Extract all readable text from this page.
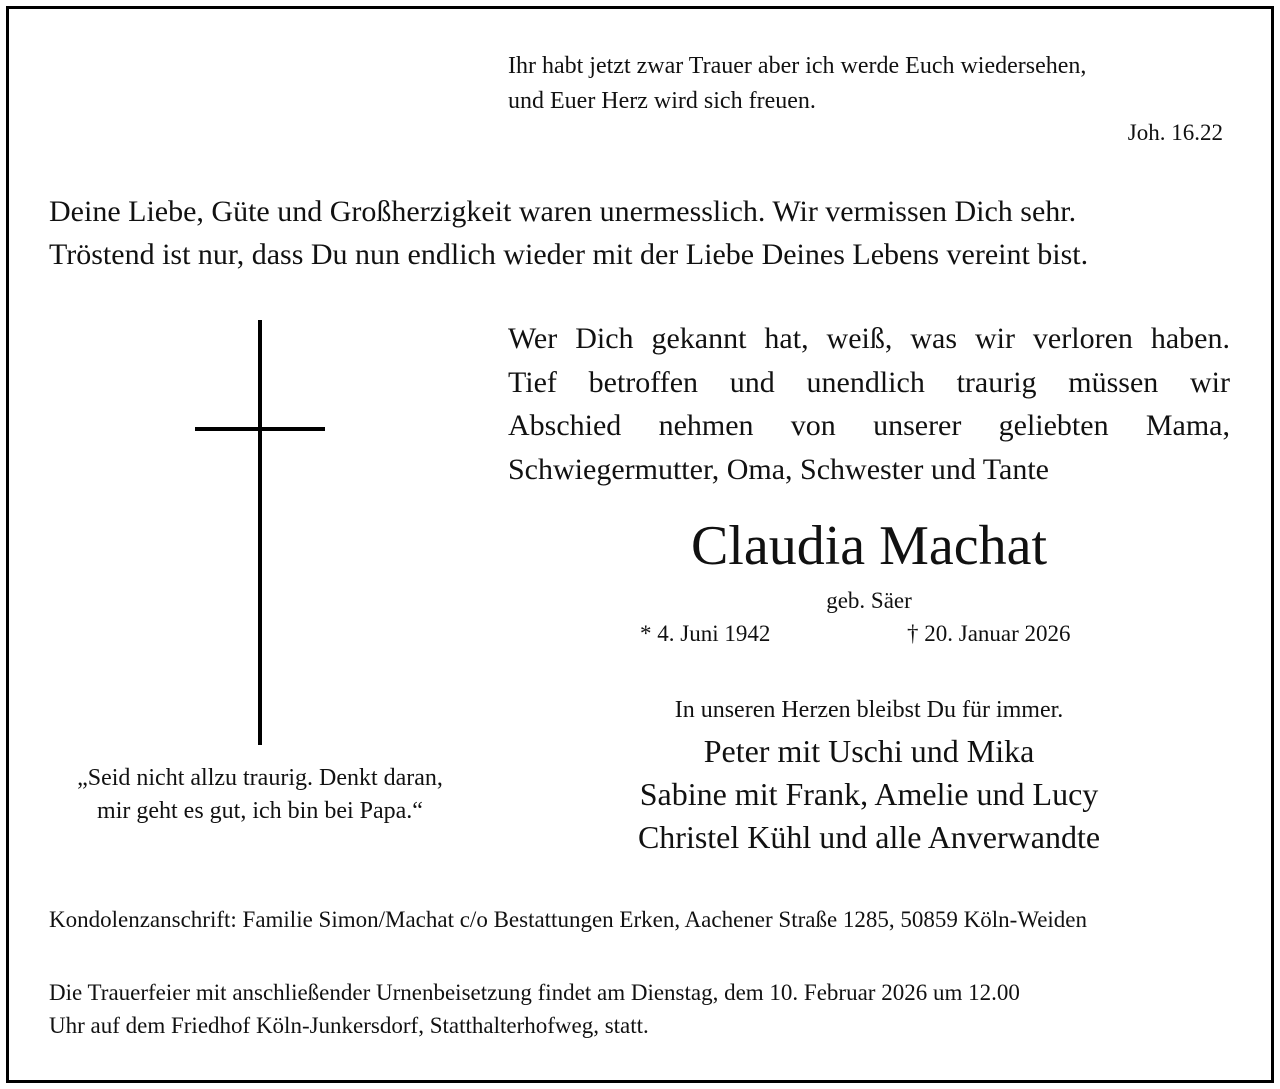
Ihr habt jetzt zwar Trauer aber ich werde Euch wiedersehen,
und Euer Herz wird sich freuen.
Joh. 16.22
Deine Liebe, Güte und Großherzigkeit waren unermesslich. Wir vermissen Dich sehr.
Tröstend ist nur, dass Du nun endlich wieder mit der Liebe Deines Lebens vereint bist.
Wer Dich gekannt hat, weiß, was wir verloren haben.
Tief betroffen und unendlich traurig müssen wir
Abschied nehmen von unserer geliebten Mama,
Schwiegermutter, Oma, Schwester und Tante
Claudia Machat
geb. Säer
* 4. Juni 1942	† 20. Januar 2026
In unseren Herzen bleibst Du für immer.
Peter mit Uschi und Mika
Sabine mit Frank, Amelie und Lucy
Christel Kühl und alle Anverwandte
„Seid nicht allzu traurig. Denkt daran,
mir geht es gut, ich bin bei Papa.“
Kondolenzanschrift: Familie Simon/Machat c/o Bestattungen Erken, Aachener Straße 1285, 50859 Köln-Weiden
Die Trauerfeier mit anschließender Urnenbeisetzung findet am Dienstag, dem 10. Februar 2026 um 12.00
Uhr auf dem Friedhof Köln-Junkersdorf, Statthalterhofweg, statt.
